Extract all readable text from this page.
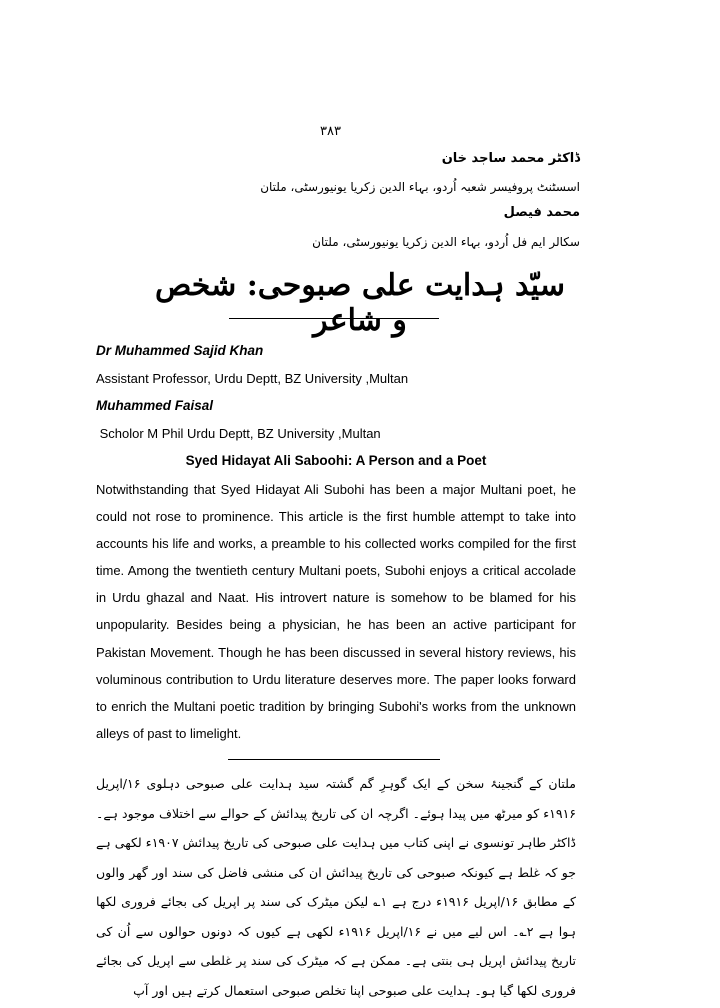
۳۸۳
ڈاکٹر محمد ساجد خان
اسسٹنٹ پروفیسر شعبہ اُردو، بہاء الدین زکریا یونیورسٹی، ملتان
محمد فیصل
سکالر ایم فل اُردو، بہاء الدین زکریا یونیورسٹی، ملتان
سیّد ہدایت علی صبوحی: شخص و شاعر
Dr Muhammed Sajid Khan
Assistant Professor, Urdu Deptt, BZ University ,Multan
Muhammed Faisal
Scholor M Phil Urdu Deptt, BZ University ,Multan
Syed Hidayat Ali Saboohi: A Person and a Poet

Notwithstanding that Syed Hidayat Ali Subohi has been a major Multani poet, he could not rose to prominence. This article is the first humble attempt to take into accounts his life and works, a preamble to his collected works compiled for the first time. Among the twentieth century Multani poets, Subohi enjoys a critical accolade in Urdu ghazal and Naat. His introvert nature is somehow to be blamed for his unpopularity. Besides being a physician, he has been an active participant for Pakistan Movement. Though he has been discussed in several history reviews, his voluminous contribution to Urdu literature deserves more. The paper looks forward to enrich the Multani poetic tradition by bringing Subohi's works from the unknown alleys of past to limelight.

ملتان کے گنجینۂ سخن کے ایک گوہرِ گم گشتہ سید ہدایت علی صبوحی دہلوی ۱۶/اپریل ۱۹۱۶ء کو میرٹھ میں پیدا ہوئے۔ اگرچہ ان کی تاریخ پیدائش کے حوالے سے اختلاف موجود ہے۔ ڈاکٹر طاہر تونسوی نے اپنی کتاب میں ہدایت علی صبوحی کی تاریخ پیدائش ۱۹۰۷ء لکھی ہے جو کہ غلط ہے کیونکہ صبوحی کی تاریخ پیدائش ان کی منشی فاضل کی سند اور گھر والوں کے مطابق ۱۶/اپریل ۱۹۱۶ء درج ہے ١؎ لیکن میٹرک کی سند پر اپریل کی بجائے فروری لکھا ہوا ہے ٢؎۔ اس لیے میں نے ۱۶/اپریل ۱۹۱۶ء لکھی ہے کیوں کہ دونوں حوالوں سے اُن کی تاریخ پیدائش اپریل ہی بنتی ہے۔ ممکن ہے کہ میٹرک کی سند پر غلطی سے اپریل کی بجائے فروری لکھا گیا ہو۔ ہدایت علی صبوحی اپنا تخلص صبوحی استعمال کرتے ہیں اور آپ
